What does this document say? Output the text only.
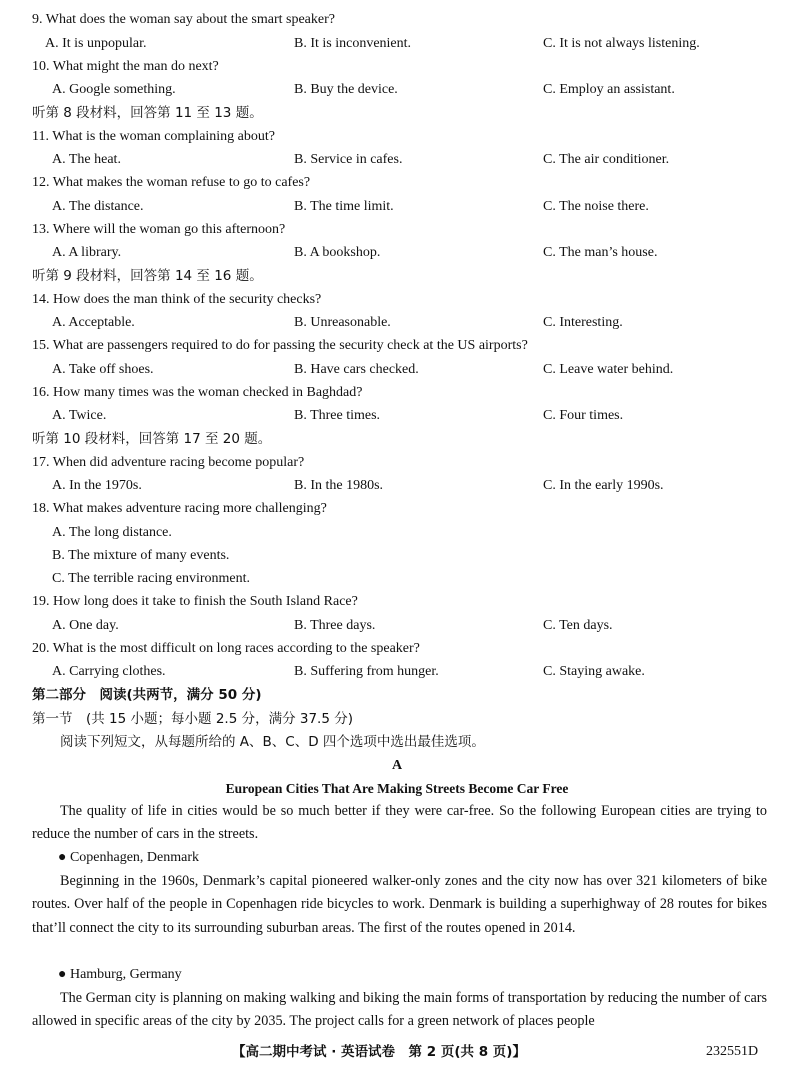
9. What does the woman say about the smart speaker?
A. It is unpopular.	B. It is inconvenient.	C. It is not always listening.
10. What might the man do next?
A. Google something.	B. Buy the device.	C. Employ an assistant.
听第 8 段材料，回答第 11 至 13 题。
11. What is the woman complaining about?
A. The heat.	B. Service in cafes.	C. The air conditioner.
12. What makes the woman refuse to go to cafes?
A. The distance.	B. The time limit.	C. The noise there.
13. Where will the woman go this afternoon?
A. A library.	B. A bookshop.	C. The man’s house.
听第 9 段材料，回答第 14 至 16 题。
14. How does the man think of the security checks?
A. Acceptable.	B. Unreasonable.	C. Interesting.
15. What are passengers required to do for passing the security check at the US airports?
A. Take off shoes.	B. Have cars checked.	C. Leave water behind.
16. How many times was the woman checked in Baghdad?
A. Twice.	B. Three times.	C. Four times.
听第 10 段材料，回答第 17 至 20 题。
17. When did adventure racing become popular?
A. In the 1970s.	B. In the 1980s.	C. In the early 1990s.
18. What makes adventure racing more challenging?
A. The long distance.
B. The mixture of many events.
C. The terrible racing environment.
19. How long does it take to finish the South Island Race?
A. One day.	B. Three days.	C. Ten days.
20. What is the most difficult on long races according to the speaker?
A. Carrying clothes.	B. Suffering from hunger.	C. Staying awake.
第二部分　阅读(共两节，满分 50 分)
第一节　(共 15 小题；每小题 2.5 分，满分 37.5 分)
阅读下列短文，从每题所给的 A、B、C、D 四个选项中选出最佳选项。
A
European Cities That Are Making Streets Become Car Free
The quality of life in cities would be so much better if they were car-free. So the following European cities are trying to reduce the number of cars in the streets.
● Copenhagen, Denmark
Beginning in the 1960s, Denmark’s capital pioneered walker-only zones and the city now has over 321 kilometers of bike routes. Over half of the people in Copenhagen ride bicycles to work. Denmark is building a superhighway of 28 routes for bikes that’ll connect the city to its surrounding suburban areas. The first of the routes opened in 2014.
● Hamburg, Germany
The German city is planning on making walking and biking the main forms of transportation by reducing the number of cars allowed in specific areas of the city by 2035. The project calls for a green network of places people
【高二期中考试 · 英语试卷　第 2 页(共 8 页)】	232551D
